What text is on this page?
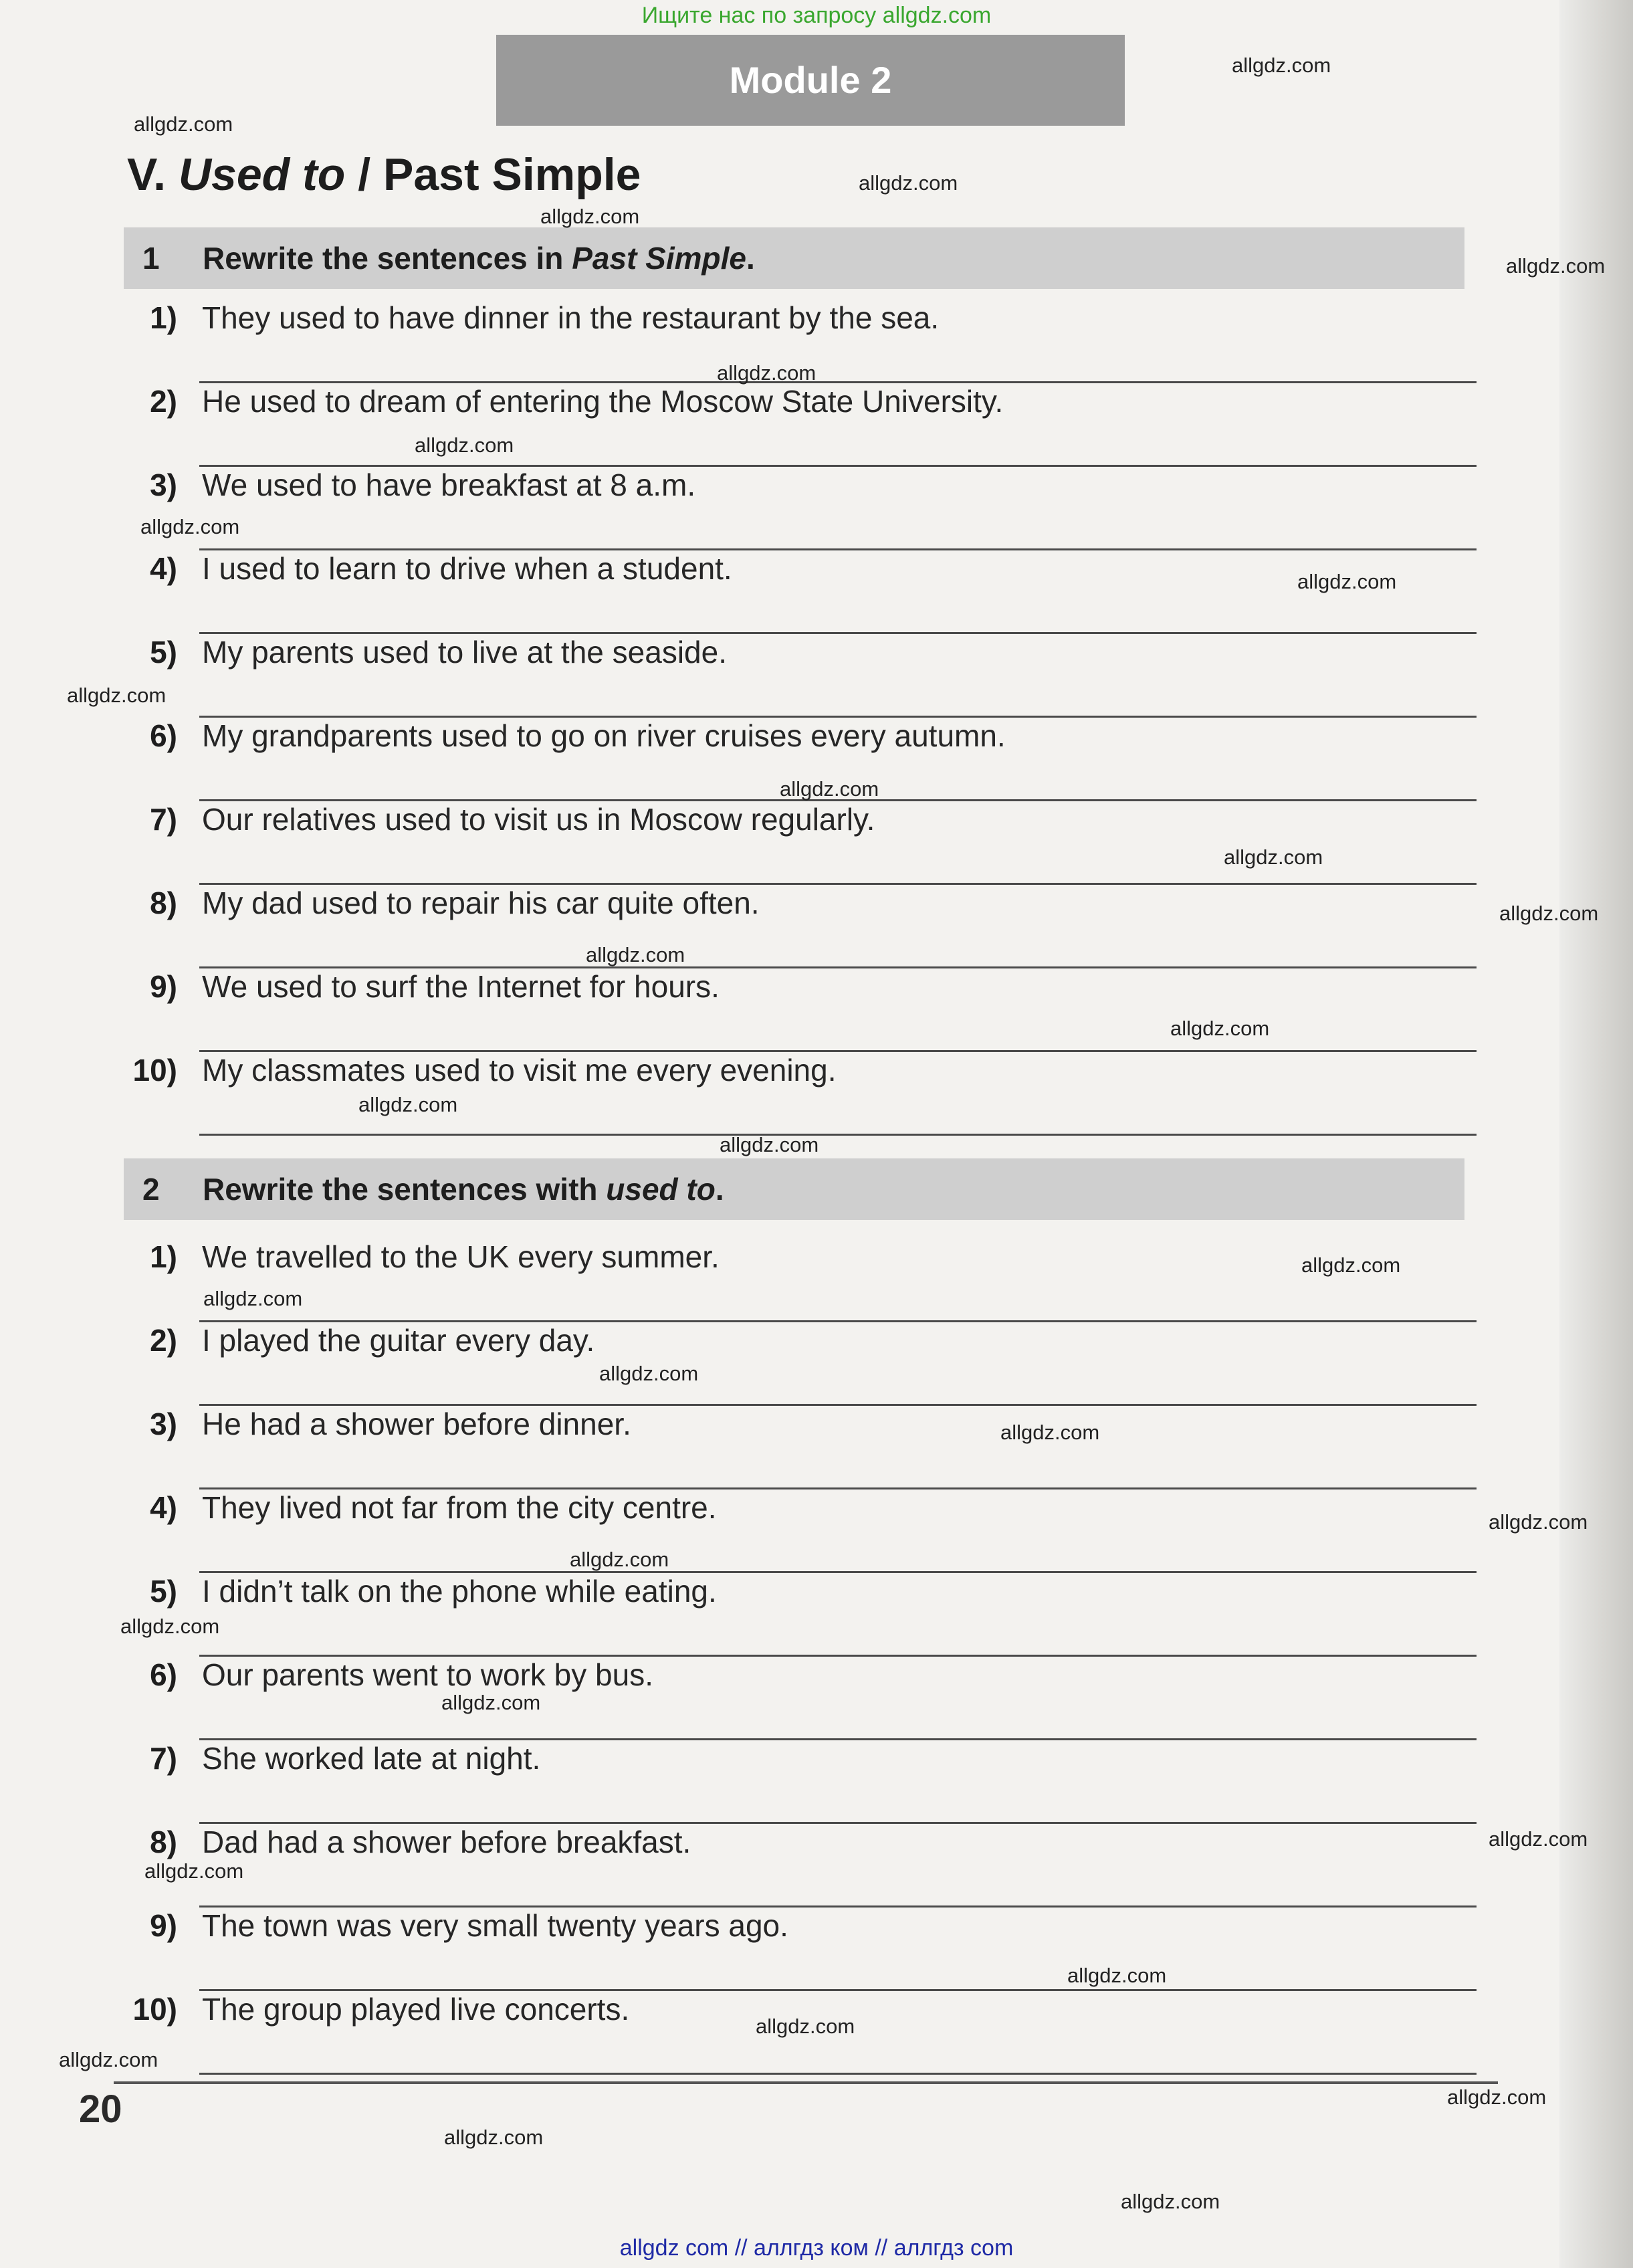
Ищите нас по запросу allgdz.com
Module 2
V. Used to / Past Simple
1 Rewrite the sentences in Past Simple.
1) They used to have dinner in the restaurant by the sea.
2) He used to dream of entering the Moscow State University.
3) We used to have breakfast at 8 a.m.
4) I used to learn to drive when a student.
5) My parents used to live at the seaside.
6) My grandparents used to go on river cruises every autumn.
7) Our relatives used to visit us in Moscow regularly.
8) My dad used to repair his car quite often.
9) We used to surf the Internet for hours.
10) My classmates used to visit me every evening.
2 Rewrite the sentences with used to.
1) We travelled to the UK every summer.
2) I played the guitar every day.
3) He had a shower before dinner.
4) They lived not far from the city centre.
5) I didn’t talk on the phone while eating.
6) Our parents went to work by bus.
7) She worked late at night.
8) Dad had a shower before breakfast.
9) The town was very small twenty years ago.
10) The group played live concerts.
20
allgdz.com
allgdz.com
allgdz.com
allgdz.com
allgdz.com
allgdz.com
allgdz.com
allgdz.com
allgdz.com
allgdz.com
allgdz.com
allgdz.com
allgdz.com
allgdz.com
allgdz.com
allgdz.com
allgdz.com
allgdz.com
allgdz.com
allgdz.com
allgdz.com
allgdz.com
allgdz.com
allgdz.com
allgdz.com
allgdz.com
allgdz.com
allgdz.com
allgdz.com
allgdz.com
allgdz.com
allgdz.com
allgdz.com
allgdz com // аллгдз ком // аллгдз com
